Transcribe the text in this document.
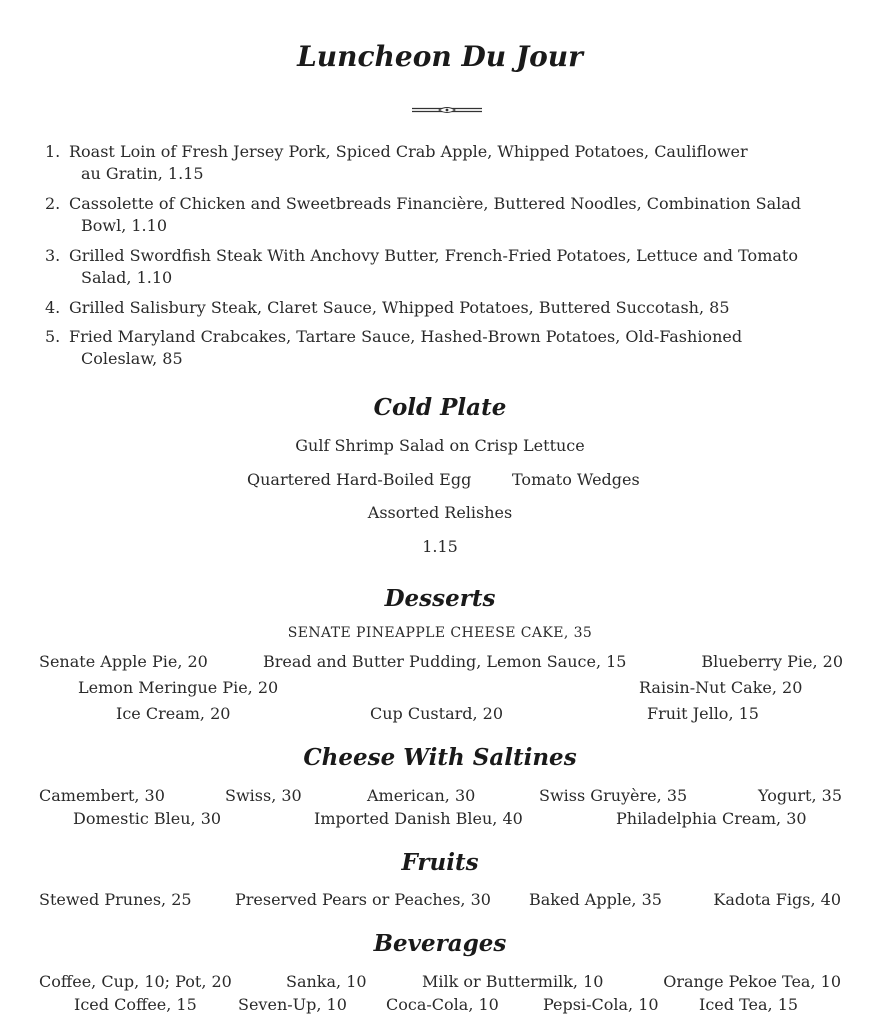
Luncheon Du Jour
1. Roast Loin of Fresh Jersey Pork, Spiced Crab Apple, Whipped Potatoes, Cauliflower
au Gratin, 1.15
2. Cassolette of Chicken and Sweetbreads Financière, Buttered Noodles, Combination Salad
Bowl, 1.10
3. Grilled Swordfish Steak With Anchovy Butter, French-Fried Potatoes, Lettuce and Tomato
Salad, 1.10
4. Grilled Salisbury Steak, Claret Sauce, Whipped Potatoes, Buttered Succotash, 85
5. Fried Maryland Crabcakes, Tartare Sauce, Hashed-Brown Potatoes, Old-Fashioned
Coleslaw, 85
Cold Plate
Gulf Shrimp Salad on Crisp Lettuce
Quartered Hard-Boiled Egg	Tomato Wedges
Assorted Relishes
1.15
Desserts
SENATE PINEAPPLE CHEESE CAKE, 35
Senate Apple Pie, 20	Bread and Butter Pudding, Lemon Sauce, 15	Blueberry Pie, 20
Lemon Meringue Pie, 20	Raisin-Nut Cake, 20
Ice Cream, 20	Cup Custard, 20	Fruit Jello, 15
Cheese With Saltines
Camembert, 30	Swiss, 30	American, 30	Swiss Gruyère, 35	Yogurt, 35
Domestic Bleu, 30	Imported Danish Bleu, 40	Philadelphia Cream, 30
Fruits
Stewed Prunes, 25	Preserved Pears or Peaches, 30 Baked Apple, 35	Kadota Figs, 40
Beverages
Coffee, Cup, 10; Pot, 20	Sanka, 10	Milk or Buttermilk, 10	Orange Pekoe Tea, 10
Iced Coffee, 15	Seven-Up, 10 Coca-Cola, 10	Pepsi-Cola, 10	Iced Tea, 15
